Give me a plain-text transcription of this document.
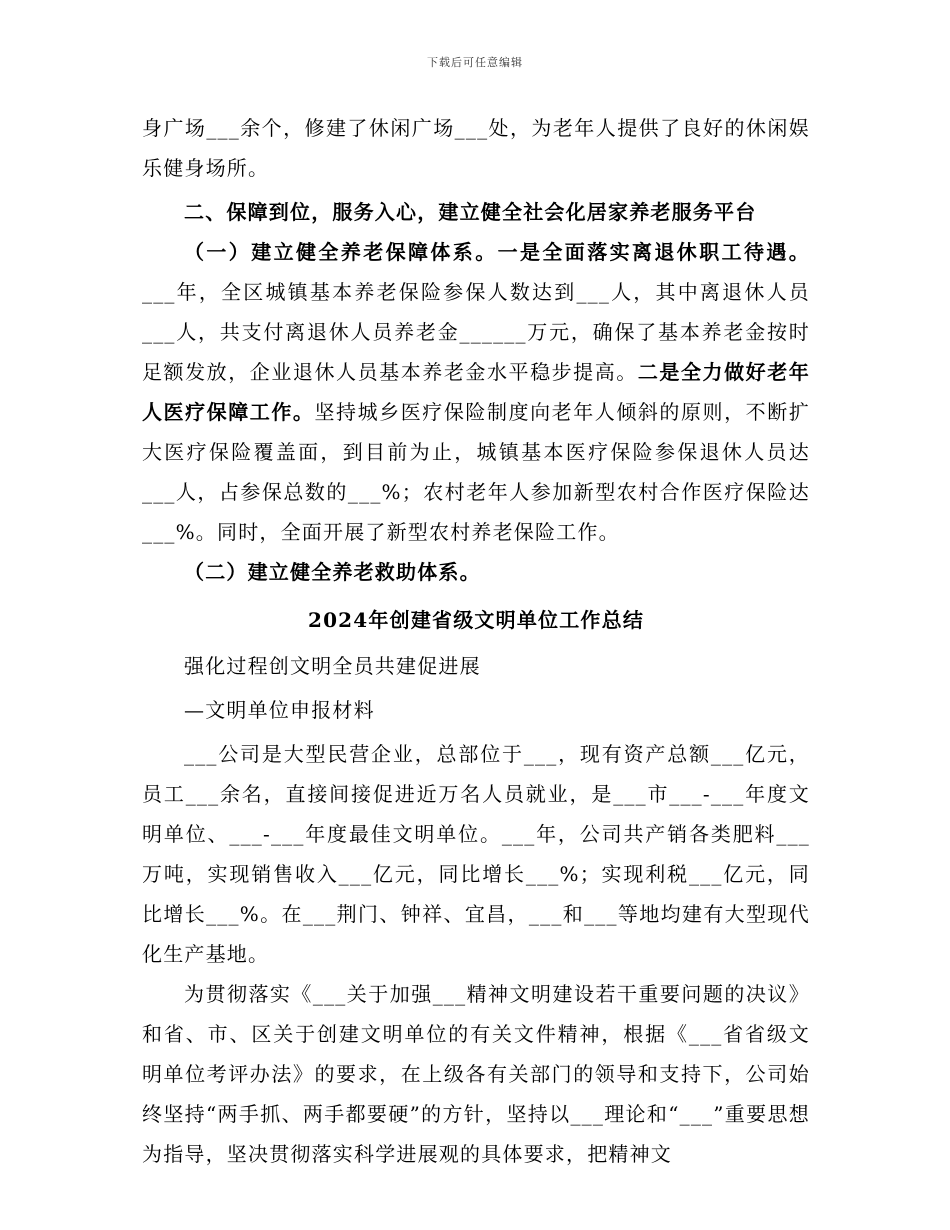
下载后可任意编辑

身广场___余个，修建了休闲广场___处，为老年人提供了良好的休闲娱乐健身场所。

二、保障到位，服务入心，建立健全社会化居家养老服务平台

（一）建立健全养老保障体系。一是全面落实离退休职工待遇。___年，全区城镇基本养老保险参保人数达到___人，其中离退休人员___人，共支付离退休人员养老金______万元，确保了基本养老金按时足额发放，企业退休人员基本养老金水平稳步提高。二是全力做好老年人医疗保障工作。坚持城乡医疗保险制度向老年人倾斜的原则，不断扩大医疗保险覆盖面，到目前为止，城镇基本医疗保险参保退休人员达___人，占参保总数的___%；农村老年人参加新型农村合作医疗保险达___%。同时，全面开展了新型农村养老保险工作。

（二）建立健全养老救助体系。

2024年创建省级文明单位工作总结

强化过程创文明全员共建促进展

—文明单位申报材料

___公司是大型民营企业，总部位于___，现有资产总额___亿元，员工___余名，直接间接促进近万名人员就业，是___市___-___年度文明单位、___-___年度最佳文明单位。___年，公司共产销各类肥料___万吨，实现销售收入___亿元，同比增长___%；实现利税___亿元，同比增长___%。在___荆门、钟祥、宜昌，___和___等地均建有大型现代化生产基地。

为贯彻落实《___关于加强___精神文明建设若干重要问题的决议》和省、市、区关于创建文明单位的有关文件精神，根据《___省省级文明单位考评办法》的要求，在上级各有关部门的领导和支持下，公司始终坚持“两手抓、两手都要硬”的方针，坚持以___理论和“___”重要思想为指导，坚决贯彻落实科学进展观的具体要求，把精神文
